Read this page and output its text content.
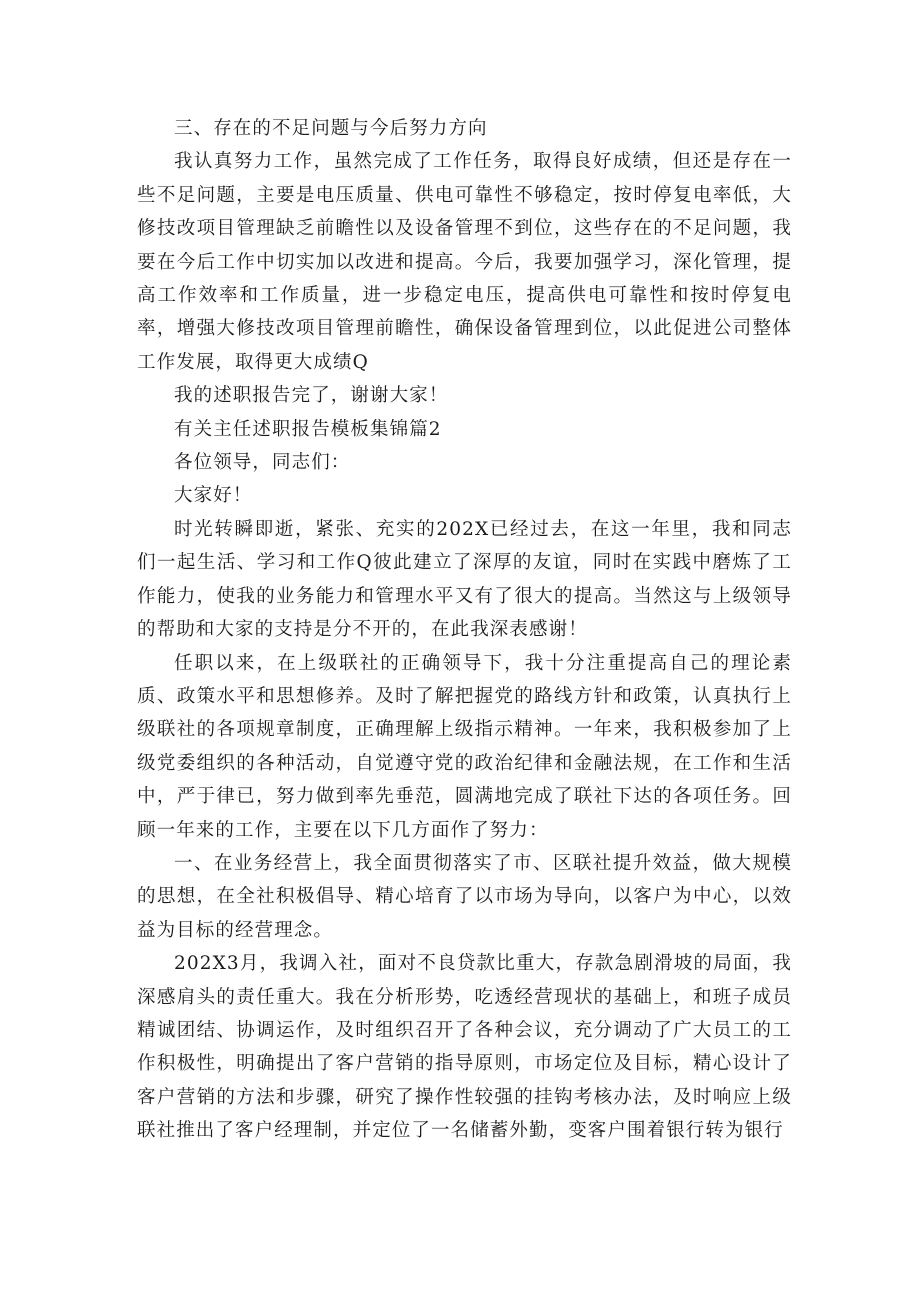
三、存在的不足问题与今后努力方向

我认真努力工作，虽然完成了工作任务，取得良好成绩，但还是存在一些不足问题，主要是电压质量、供电可靠性不够稳定，按时停复电率低，大修技改项目管理缺乏前瞻性以及设备管理不到位，这些存在的不足问题，我要在今后工作中切实加以改进和提高。今后，我要加强学习，深化管理，提高工作效率和工作质量，进一步稳定电压，提高供电可靠性和按时停复电率，增强大修技改项目管理前瞻性，确保设备管理到位，以此促进公司整体工作发展，取得更大成绩Q

我的述职报告完了，谢谢大家！

有关主任述职报告模板集锦篇2

各位领导，同志们：

大家好！

时光转瞬即逝，紧张、充实的202X已经过去，在这一年里，我和同志们一起生活、学习和工作Q彼此建立了深厚的友谊，同时在实践中磨炼了工作能力，使我的业务能力和管理水平又有了很大的提高。当然这与上级领导的帮助和大家的支持是分不开的，在此我深表感谢！

任职以来，在上级联社的正确领导下，我十分注重提高自己的理论素质、政策水平和思想修养。及时了解把握党的路线方针和政策，认真执行上级联社的各项规章制度，正确理解上级指示精神。一年来，我积极参加了上级党委组织的各种活动，自觉遵守党的政治纪律和金融法规，在工作和生活中，严于律已，努力做到率先垂范，圆满地完成了联社下达的各项任务。回顾一年来的工作，主要在以下几方面作了努力：

一、在业务经营上，我全面贯彻落实了市、区联社提升效益，做大规模的思想，在全社积极倡导、精心培育了以市场为导向，以客户为中心，以效益为目标的经营理念。

202X3月，我调入社，面对不良贷款比重大，存款急剧滑坡的局面，我深感肩头的责任重大。我在分析形势，吃透经营现状的基础上，和班子成员精诚团结、协调运作，及时组织召开了各种会议，充分调动了广大员工的工作积极性，明确提出了客户营销的指导原则，市场定位及目标，精心设计了客户营销的方法和步骤，研究了操作性较强的挂钩考核办法，及时响应上级联社推出了客户经理制，并定位了一名储蓄外勤，变客户围着银行转为银行
